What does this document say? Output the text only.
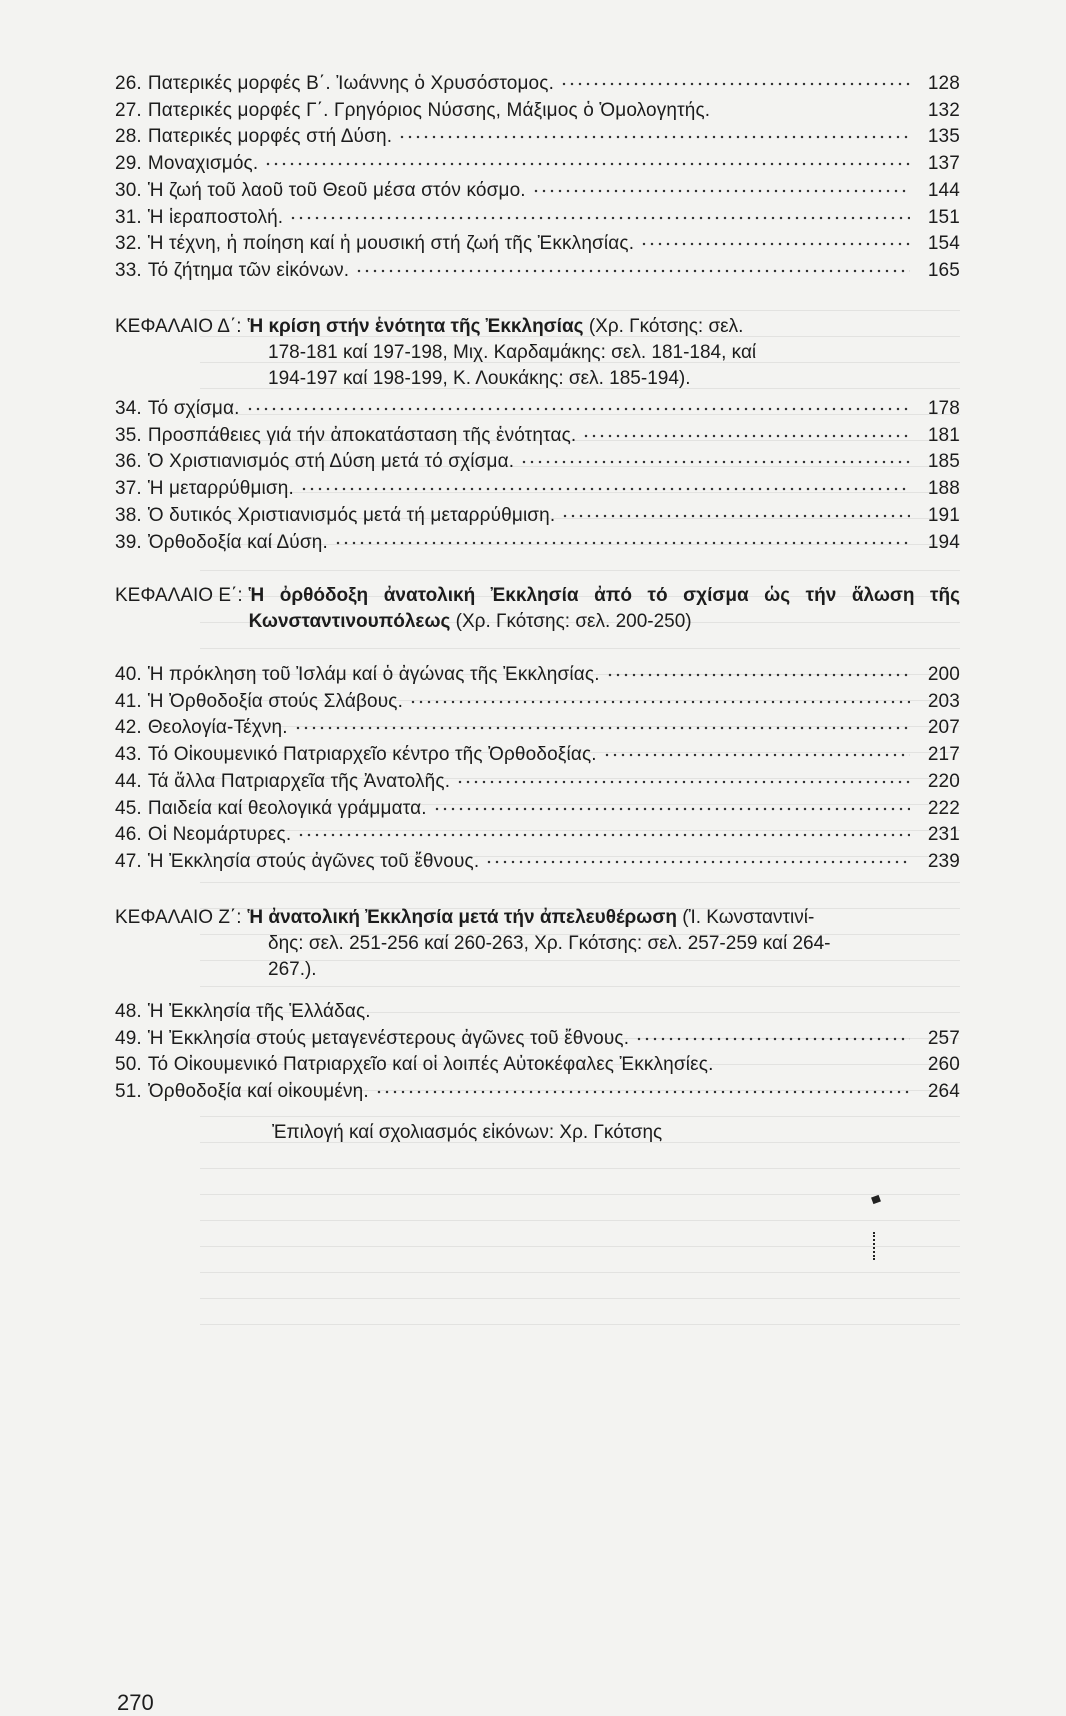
26. Πατερικές μορφές Β΄. Ἰωάννης ὁ Χρυσόστομος.	128
27. Πατερικές μορφές Γ΄. Γρηγόριος Νύσσης, Μάξιμος ὁ Ὁμολογητής.	132
28. Πατερικές μορφές στή Δύση.	135
29. Μοναχισμός.	137
30. Ἡ ζωή τοῦ λαοῦ τοῦ Θεοῦ μέσα στόν κόσμο.	144
31. Ἡ ἱεραποστολή.	151
32. Ἡ τέχνη, ἡ ποίηση καί ἡ μουσική στή ζωή τῆς Ἐκκλησίας.	154
33. Τό ζήτημα τῶν εἰκόνων.	165
ΚΕΦΑΛΑΙΟ Δ΄: Ἡ κρίση στήν ἑνότητα τῆς Ἐκκλησίας (Χρ. Γκότσης: σελ.
178-181 καί 197-198, Μιχ. Καρδαμάκης: σελ. 181-184, καί
194-197 καί 198-199, Κ. Λουκάκης: σελ. 185-194).
34. Τό σχίσμα.	178
35. Προσπάθειες γιά τήν ἀποκατάσταση τῆς ἑνότητας.	181
36. Ὁ Χριστιανισμός στή Δύση μετά τό σχίσμα.	185
37. Ἡ μεταρρύθμιση.	188
38. Ὁ δυτικός Χριστιανισμός μετά τή μεταρρύθμιση.	191
39. Ὀρθοδοξία καί Δύση.	194
ΚΕΦΑΛΑΙΟ Ε΄: Ἡ ὀρθόδοξη ἀνατολική Ἐκκλησία ἀπό τό σχίσμα ὡς τήν ἅλωση τῆς Κωνσταντινουπόλεως (Χρ. Γκότσης: σελ. 200-250)
40. Ἡ πρόκληση τοῦ Ἰσλάμ καί ὁ ἀγώνας τῆς Ἐκκλησίας.	200
41. Ἡ Ὀρθοδοξία στούς Σλάβους.	203
42. Θεολογία-Τέχνη.	207
43. Τό Οἰκουμενικό Πατριαρχεῖο κέντρο τῆς Ὀρθοδοξίας.	217
44. Τά ἄλλα Πατριαρχεῖα τῆς Ἀνατολῆς.	220
45. Παιδεία καί θεολογικά γράμματα.	222
46. Οἱ Νεομάρτυρες.	231
47. Ἡ Ἐκκλησία στούς ἀγῶνες τοῦ ἔθνους.	239
ΚΕΦΑΛΑΙΟ Ζ΄: Ἡ ἀνατολική Ἐκκλησία μετά τήν ἀπελευθέρωση (Ἰ. Κωνσταντινί-
δης: σελ. 251-256 καί 260-263, Χρ. Γκότσης: σελ. 257-259 καί 264-
267.).
48. Ἡ Ἐκκλησία τῆς Ἑλλάδας.
49. Ἡ Ἐκκλησία στούς μεταγενέστερους ἀγῶνες τοῦ ἔθνους.	257
50. Τό Οἰκουμενικό Πατριαρχεῖο καί οἱ λοιπές Αὐτοκέφαλες Ἐκκλησίες.	260
51. Ὀρθοδοξία καί οἰκουμένη.	264
Ἐπιλογή καί σχολιασμός εἰκόνων: Χρ. Γκότσης
270
